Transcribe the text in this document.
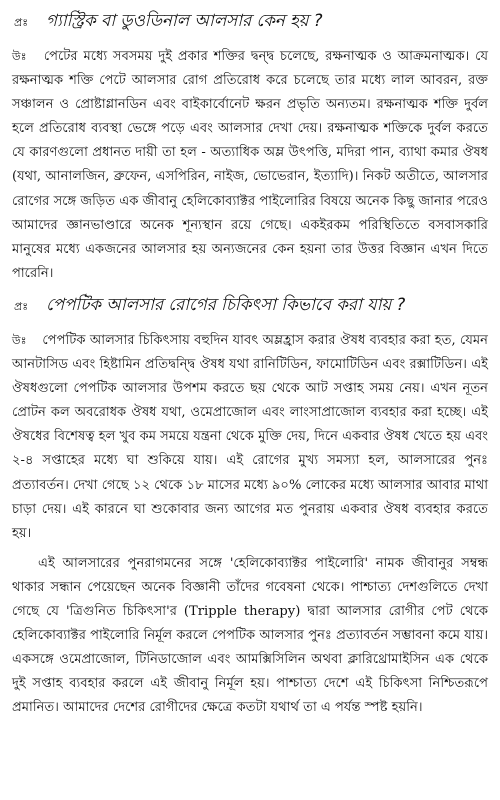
প্রঃ	গ্যাস্ট্রিক বা ডুওডিনাল আলসার কেন হয় ?

উঃ পেটের মধ্যে সবসময় দুই প্রকার শক্তির দ্বন্দ্ব চলেছে, রক্ষনাত্মক ও আক্রমনাত্মক। যে রক্ষনাত্মক শক্তি পেটে আলসার রোগ প্রতিরোধ করে চলেছে তার মধ্যে লাল আবরন, রক্ত সঞ্চালন ও প্রোষ্টাগ্লানডিন এবং বাইকার্বোনেট ক্ষরন প্রভৃতি অন্যতম। রক্ষনাত্মক শক্তি দুর্বল হলে প্রতিরোধ ব্যবস্থা ভেঙ্গে পড়ে এবং আলসার দেখা দেয়। রক্ষনাত্মক শক্তিকে দুর্বল করতে যে কারণগুলো প্রধানত দায়ী তা হল - অত্যাধিক অম্ল উৎপত্তি, মদিরা পান, ব্যাথা কমার ঔষধ (যথা, আনালজিন, ব্রুফেন, এসপিরিন, নাইজ, ভোভেরান, ইত্যাদি)। নিকট অতীতে, আলসার রোগের সঙ্গে জড়িত এক জীবানু হেলিকোব্যাক্টর পাইলোরির বিষয়ে অনেক কিছু জানার পরেও আমাদের জ্ঞানভাণ্ডারে অনেক শূন্যস্থান রয়ে গেছে। একইরকম পরিস্থিতিতে বসবাসকারি মানুষের মধ্যে একজনের আলসার হয় অন্যজনের কেন হয়না তার উত্তর বিজ্ঞান এখন দিতে পারেনি।

প্রঃ	পেপটিক আলসার রোগের চিকিৎসা কিভাবে করা যায় ?

উঃ পেপটিক আলসার চিকিৎসায় বহুদিন যাবৎ অম্লহ্রাস করার ঔষধ ব্যবহার করা হত, যেমন আনটাসিড এবং হিষ্টামিন প্রতিদ্বন্দ্বি ঔষধ যথা রানিটিডিন, ফামোটিডিন এবং রক্সাটিডিন। এই ঔষধগুলো পেপটিক আলসার উপশম করতে ছয় থেকে আট সপ্তাহ সময় নেয়। এখন নূতন প্রোটন কল অবরোধক ঔষধ যথা, ওমেপ্রাজোল এবং লাংসাপ্রাজোল ব্যবহার করা হচ্ছে। এই ঔষধের বিশেষত্ব হল খুব কম সময়ে যন্ত্রনা থেকে মুক্তি দেয়, দিনে একবার ঔষধ খেতে হয় এবং ২-৪ সপ্তাহের মধ্যে ঘা শুকিয়ে যায়। এই রোগের মুখ্য সমস্যা হল, আলসারের পুনঃ প্রত্যাবর্তন। দেখা গেছে ১২ থেকে ১৮ মাসের মধ্যে ৯০% লোকের মধ্যে আলসার আবার মাথা চাড়া দেয়। এই কারনে ঘা শুকোবার জন্য আগের মত পুনরায় একবার ঔষধ ব্যবহার করতে হয়।

এই আলসারের পুনরাগমনের সঙ্গে 'হেলিকোব্যাক্টর পাইলোরি' নামক জীবানুর সম্বন্ধ থাকার সন্ধান পেয়েছেন অনেক বিজ্ঞানী তাঁদের গবেষনা থেকে। পাশ্চাত্য দেশগুলিতে দেখা গেছে যে 'ত্রিগুনিত চিকিৎসা'র (Tripple therapy) দ্বারা আলসার রোগীর পেট থেকে হেলিকোব্যাক্টর পাইলোরি নির্মূল করলে পেপটিক আলসার পুনঃ প্রত্যাবর্তন সম্ভাবনা কমে যায়। একসঙ্গে ওমেপ্রাজোল, টিনিডাজোল এবং আমক্সিসিলিন অথবা ক্লারিথ্রোমাইসিন এক থেকে দুই সপ্তাহ ব্যবহার করলে এই জীবানু নির্মূল হয়। পাশ্চাত্য দেশে এই চিকিৎসা নিশ্চিতরূপে প্রমানিত। আমাদের দেশের রোগীদের ক্ষেত্রে কতটা যথার্থ তা এ পর্যন্ত স্পষ্ট হয়নি।
